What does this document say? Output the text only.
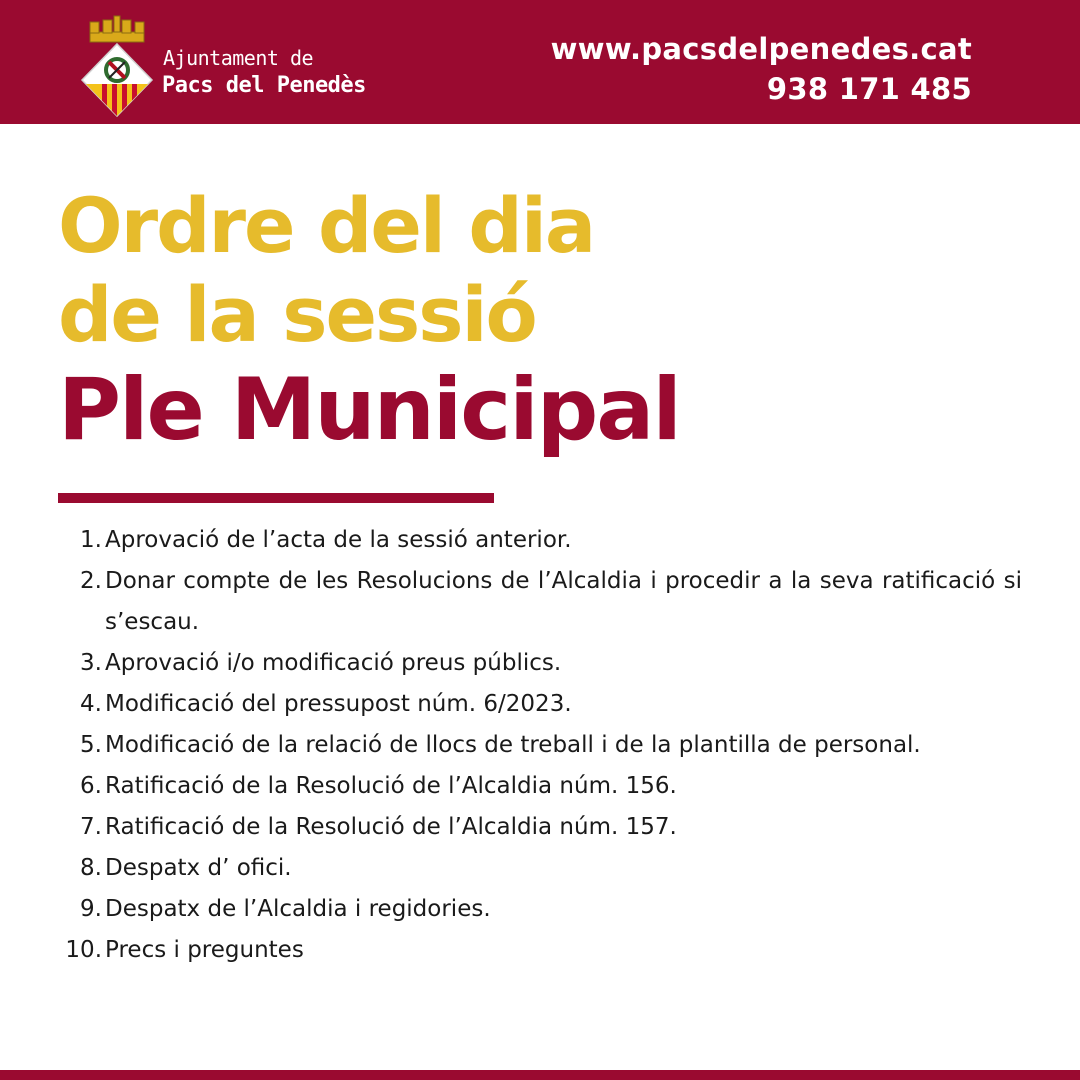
Ajuntament de
Pacs del Penedès
www.pacsdelpenedes.cat
938 171 485
Ordre del dia
de la sessió
Ple Municipal
1. Aprovació de l’acta de la sessió anterior.
2. Donar compte de les Resolucions de l’Alcaldia i procedir a la seva ratificació si s’escau.
3. Aprovació i/o modificació preus públics.
4. Modificació del pressupost núm. 6/2023.
5. Modificació de la relació de llocs de treball i de la plantilla de personal.
6. Ratificació de la Resolució de l’Alcaldia núm. 156.
7. Ratificació de la Resolució de l’Alcaldia núm. 157.
8. Despatx d’ ofici.
9. Despatx de l’Alcaldia i regidories.
10. Precs i preguntes
